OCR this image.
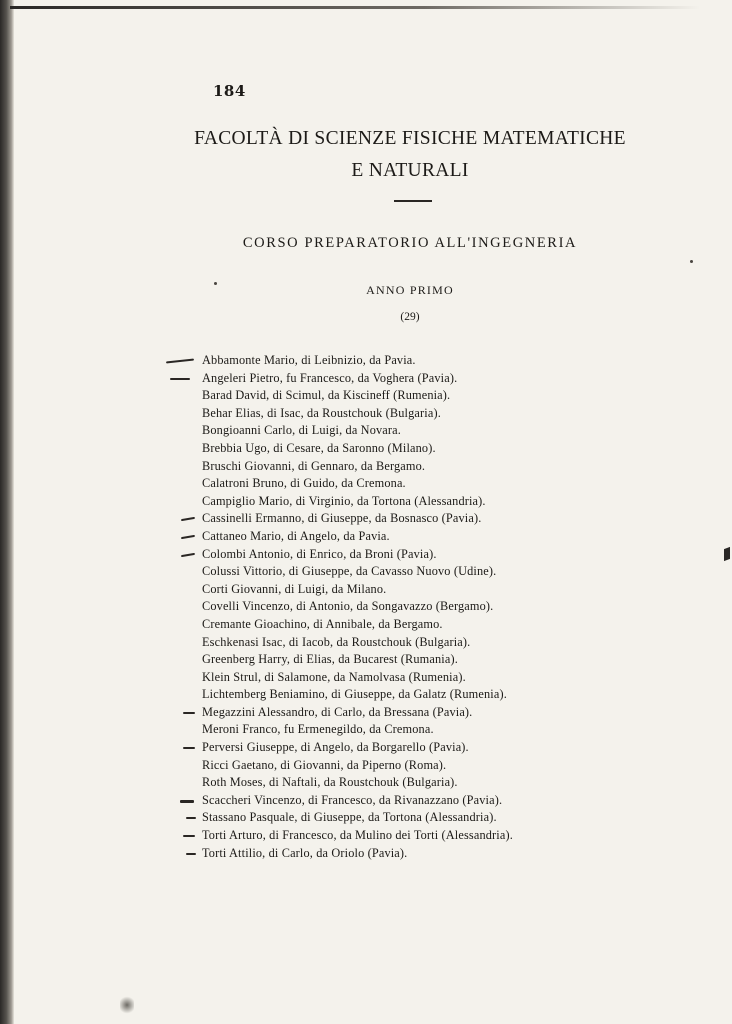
184
FACOLTÀ DI SCIENZE FISICHE MATEMATICHE
E NATURALI
CORSO PREPARATORIO ALL'INGEGNERIA
ANNO PRIMO
(29)
Abbamonte Mario, di Leibnizio, da Pavia.
Angeleri Pietro, fu Francesco, da Voghera (Pavia).
Barad David, di Scimul, da Kiscineff (Rumenia).
Behar Elias, di Isac, da Roustchouk (Bulgaria).
Bongioanni Carlo, di Luigi, da Novara.
Brebbia Ugo, di Cesare, da Saronno (Milano).
Bruschi Giovanni, di Gennaro, da Bergamo.
Calatroni Bruno, di Guido, da Cremona.
Campiglio Mario, di Virginio, da Tortona (Alessandria).
Cassinelli Ermanno, di Giuseppe, da Bosnasco (Pavia).
Cattaneo Mario, di Angelo, da Pavia.
Colombi Antonio, di Enrico, da Broni (Pavia).
Colussi Vittorio, di Giuseppe, da Cavasso Nuovo (Udine).
Corti Giovanni, di Luigi, da Milano.
Covelli Vincenzo, di Antonio, da Songavazzo (Bergamo).
Cremante Gioachino, di Annibale, da Bergamo.
Eschkenasi Isac, di Iacob, da Roustchouk (Bulgaria).
Greenberg Harry, di Elias, da Bucarest (Rumania).
Klein Strul, di Salamone, da Namolvasa (Rumenia).
Lichtemberg Beniamino, di Giuseppe, da Galatz (Rumenia).
Megazzini Alessandro, di Carlo, da Bressana (Pavia).
Meroni Franco, fu Ermenegildo, da Cremona.
Perversi Giuseppe, di Angelo, da Borgarello (Pavia).
Ricci Gaetano, di Giovanni, da Piperno (Roma).
Roth Moses, di Naftali, da Roustchouk (Bulgaria).
Scaccheri Vincenzo, di Francesco, da Rivanazzano (Pavia).
Stassano Pasquale, di Giuseppe, da Tortona (Alessandria).
Torti Arturo, di Francesco, da Mulino dei Torti (Alessandria).
Torti Attilio, di Carlo, da Oriolo (Pavia).
